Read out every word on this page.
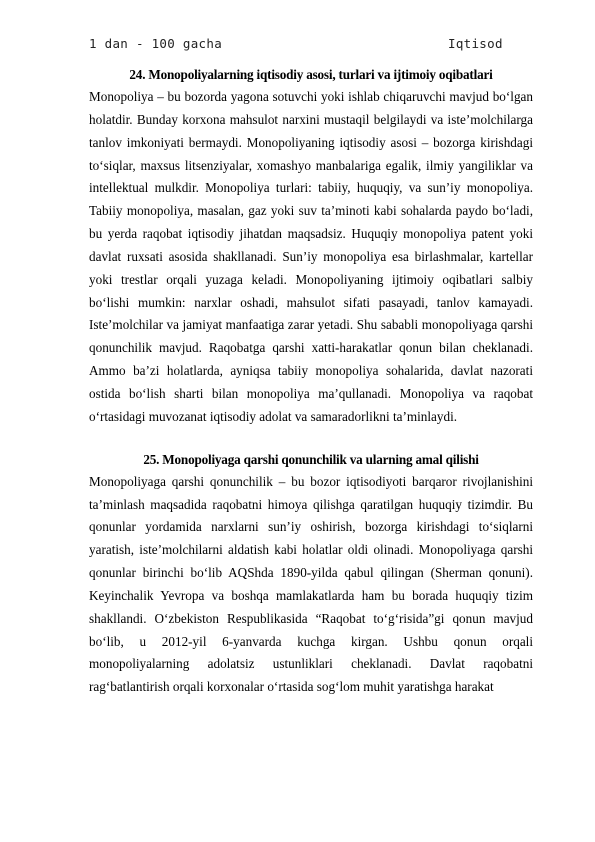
1 dan - 100 gacha	Iqtisod
24. Monopoliyalarning iqtisodiy asosi, turlari va ijtimoiy oqibatlari

Monopoliya – bu bozorda yagona sotuvchi yoki ishlab chiqaruvchi mavjud bo‘lgan holatdir. Bunday korxona mahsulot narxini mustaqil belgilaydi va iste’molchilarga tanlov imkoniyati bermaydi. Monopoliyaning iqtisodiy asosi – bozorga kirishdagi to‘siqlar, maxsus litsenziyalar, xomashyo manbalariga egalik, ilmiy yangiliklar va intellektual mulkdir. Monopoliya turlari: tabiiy, huquqiy, va sun’iy monopoliya. Tabiiy monopoliya, masalan, gaz yoki suv ta’minoti kabi sohalarda paydo bo‘ladi, bu yerda raqobat iqtisodiy jihatdan maqsadsiz. Huquqiy monopoliya patent yoki davlat ruxsati asosida shakllanadi. Sun’iy monopoliya esa birlashmalar, kartellar yoki trestlar orqali yuzaga keladi. Monopoliyaning ijtimoiy oqibatlari salbiy bo‘lishi mumkin: narxlar oshadi, mahsulot sifati pasayadi, tanlov kamayadi. Iste’molchilar va jamiyat manfaatiga zarar yetadi. Shu sababli monopoliyaga qarshi qonunchilik mavjud. Raqobatga qarshi xatti-harakatlar qonun bilan cheklanadi. Ammo ba’zi holatlarda, ayniqsa tabiiy monopoliya sohalarida, davlat nazorati ostida bo‘lish sharti bilan monopoliya ma’qullanadi. Monopoliya va raqobat o‘rtasidagi muvozanat iqtisodiy adolat va samaradorlikni ta’minlaydi.

25. Monopoliyaga qarshi qonunchilik va ularning amal qilishi

Monopoliyaga qarshi qonunchilik – bu bozor iqtisodiyoti barqaror rivojlanishini ta’minlash maqsadida raqobatni himoya qilishga qaratilgan huquqiy tizimdir. Bu qonunlar yordamida narxlarni sun’iy oshirish, bozorga kirishdagi to‘siqlarni yaratish, iste’molchilarni aldatish kabi holatlar oldi olinadi. Monopoliyaga qarshi qonunlar birinchi bo‘lib AQShda 1890-yilda qabul qilingan (Sherman qonuni). Keyinchalik Yevropa va boshqa mamlakatlarda ham bu borada huquqiy tizim shakllandi. O‘zbekiston Respublikasida “Raqobat to‘g‘risida”gi qonun mavjud bo‘lib, u 2012-yil 6-yanvarda kuchga kirgan. Ushbu qonun orqali monopoliyalarning adolatsiz ustunliklari cheklanadi. Davlat raqobatni rag‘batlantirish orqali korxonalar o‘rtasida sog‘lom muhit yaratishga harakat
